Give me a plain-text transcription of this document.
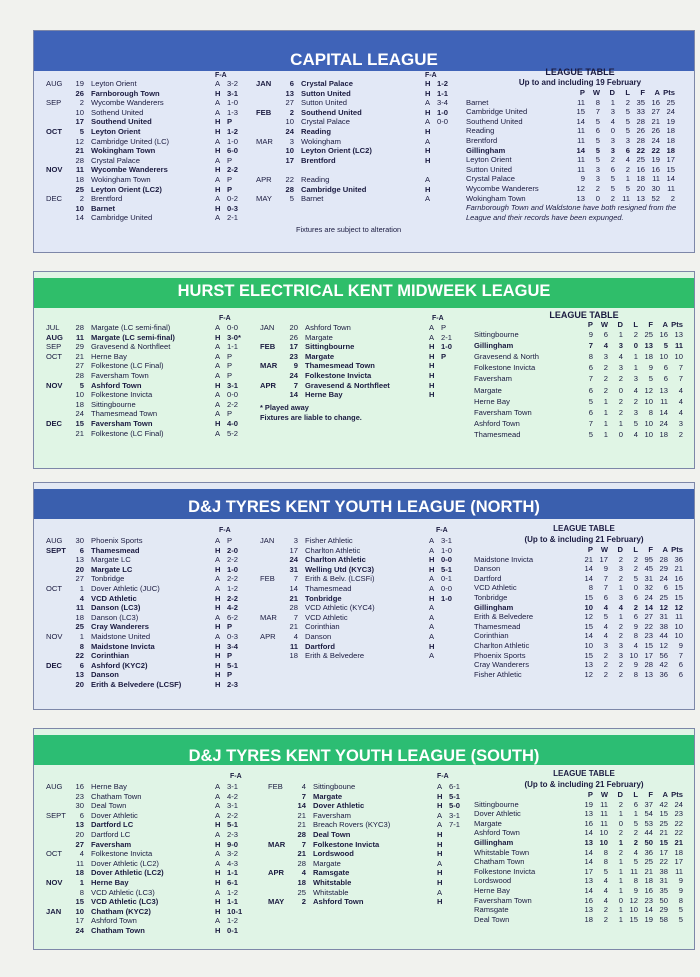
CAPITAL LEAGUE
F-A	F-A
AUG	19 Leyton Orient	A 3-2
26 Farnborough Town	H 3-1
SEP	2 Wycombe Wanderers	A 1-0
10 Sothend United	A 1-3
17 Southend United	H P
OCT	5 Leyton Orient	H 1-2
12 Cambridge United (LC)	A 1-0
21 Wokingham Town	H 6-0
28 Crystal Palace	A P
NOV	11 Wycombe Wanderers	H 2-2
18 Wokingham Town	A P
25 Leyton Orient (LC2)	H P
DEC	2 Brentford	A 0-2
10 Barnet	H 0-3
14 Cambridge United	A 2-1
JAN	6 Crystal Palace	H 1-2
13 Sutton United	H 1-1
27 Sutton United	A 3-4
FEB	2 Southend United	H 1-0
10 Crystal Palace	A 0-0
24 Reading	H
MAR	3 Wokingham	A
10 Leyton Orient (LC2)	H
17 Brentford	H
APR	22 Reading	A
28 Cambridge United	H
MAY	5 Barnet	A
Fixtures are subject to alteration
LEAGUE TABLE
Up to and including 19 February
P	W	D	L	F	A Pts
Barnet	11	8	1	2 35 16 25
Cambridge United	15	7	3	5 33 27 24
Southend United	14	5	4	5 28 21 19
Reading	11	6	0	5 26 26 18
Brentford	11	5	3	3 28 24 18
Gillingham	14	5	3	6 22 22 18
Leyton Orient	11	5	2	4 25 19 17
Sutton United	11	3	6	2 16 16 15
Crystal Palace	9	3	5	1 18 11 14
Wycombe Wanderers	12	2	5	5 20 30 11
Wokingham Town	13	0	2 11 13 52	2
Farnborough Town and Waldstone have both resigned from the League and their records have been expunged.
HURST ELECTRICAL KENT MIDWEEK LEAGUE
F-A	F-A
JUL	28 Margate (LC semi-final)	A 0-0
AUG	11 Margate (LC semi-final)	H 3-0*
SEP	29 Gravesend & Northfleet	A 1-1
OCT	21 Herne Bay	A P
27 Folkestone (LC Final)	A P
28 Faversham Town	A P
NOV	5 Ashford Town	H 3-1
10 Folkestone Invicta	A 0-0
18 Sittingbourne	A 2-2
24 Thamesmead Town	A P
DEC	15 Faversham Town	H 4-0
21 Folkestone (LC Final)	A 5-2
JAN	20 Ashford Town	A P
26 Margate	A 2-1
FEB	17 Sittingbourne	H 1-0
23 Margate	H P
MAR	9 Thamesmead Town	H
24 Folkestone Invicta	H
APR	7 Gravesend & Northfleet	H
14 Herne Bay	H
* Played away
Fixtures are liable to change.
LEAGUE TABLE
P	W	D	L	F	A Pts
Sittingbourne	9	6	1	2 25 16 13
Gillingham	7	4	3	0 13	5 11
Gravesend & North	8	3	4	1 18 10 10
Folkestone Invicta	6	2	3	1	9	6	7
Faversham	7	2	2	3	5	6	7
Margate	6	2	0	4 12 13	4
Herne Bay	5	1	2	2 10 11	4
Faversham Town	6	1	2	3	8 14	4
Ashford Town	7	1	1	5 10 24	3
Thamesmead	5	1	0	4 10 18	2
D&J TYRES KENT YOUTH LEAGUE (NORTH)
F-A	F-A
AUG	30 Phoenix Sports	A P
SEPT	6 Thamesmead	H 2-0
13 Margate LC	A 2-2
20 Margate LC	H 1-0
27 Tonbridge	A 2-2
OCT	1 Dover Athletic (JUC)	A 1-2
4 VCD Athletic	H 2-2
11 Danson (LC3)	H 4-2
18 Danson (LC3)	A 6-2
25 Cray Wanderers	H P
NOV	1 Maidstone United	A 0-3
8 Maidstone Invicta	H 3-4
22 Corinthian	H P
DEC	6 Ashford (KYC2)	H 5-1
13 Danson	H P
20 Erith & Belvedere (LCSF)	H 2-3
JAN	3 Fisher Athletic	A 3-1
17 Charlton Athletic	A 1-0
24 Charlton Athletic	H 0-0
31 Welling Utd (KYC3)	H 5-1
FEB	7 Erith & Belv. (LCSFi)	A 0-1
14 Thamesmead	A 0-0
21 Tonbridge	H 1-0
28 VCD Athletic (KYC4)	A
MAR	7 VCD Athletic	A
21 Corinthian	A
APR	4 Danson	A
11 Dartford	H
18 Erith & Belvedere	A
LEAGUE TABLE
(Up to & including 21 February)
P	W	D	L	F	A Pts
Maidstone Invicta	21 17	2	2 95 28 36
Danson	14	9	3	2 45 29 21
Dartford	14	7	2	5 31 24 16
VCD Athletic	8	7	1	0 32	6 15
Tonbridge	15	6	3	6 24 25 15
Gillingham	10	4	4	2 14 12 12
Erith & Belvedere	12	5	1	6 27 31 11
Thamesmead	15	4	2	9 22 38 10
Corinthian	14	4	2	8 23 44 10
Charlton Athletic	10	3	3	4 15 12	9
Phoenix Sports	15	2	3 10 17 56	7
Cray Wanderers	13	2	2	9 28 42	6
Fisher Athletic	12	2	2	8 13 36	6
D&J TYRES KENT YOUTH LEAGUE (SOUTH)
F-A	F-A
AUG	16 Herne Bay	A 3-1
23 Chatham Town	A 4-2
30 Deal Town	A 3-1
SEPT	6 Dover Athletic	A 2-2
13 Dartford LC	H 5-1
20 Dartford LC	A 2-3
27 Faversham	H 9-0
OCT	4 Folkestone Invicta	A 3-2
11 Dover Athletic (LC2)	A 4-3
18 Dover Athletic (LC2)	H 1-1
NOV	1 Herne Bay	H 6-1
8 VCD Athletic (LC3)	A 1-2
15 VCD Athletic (LC3)	H 1-1
JAN	10 Chatham (KYC2)	H 10-1
17 Ashford Town	A 1-2
24 Chatham Town	H 0-1
FEB	4 Sittingboune	A 6-1
7 Margate	H 5-1
14 Dover Athletic	H 5-0
21 Faversham	A 3-1
21 Breach Rovers (KYC3)	A 7-1
28 Deal Town	H
MAR	7 Folkestone Invicta	H
21 Lordswood	H
28 Margate	A
APR	4 Ramsgate	H
18 Whitstable	H
25 Whitstable	A
MAY	2 Ashford Town	H
LEAGUE TABLE
(Up to & including 21 February)
P	W	D	L	F	A Pts
Sittingbourne	19 11	2	6 37 42 24
Dover Athletic	13 11	1	1 54 15 23
Margate	16 11	0	5 53 25 22
Ashford Town	14 10	2	2 44 21 22
Gillingham	13 10	1	2 50 15 21
Whitstable Town	14	8	2	4 36 17 18
Chatham Town	14	8	1	5 25 22 17
Folkestone Invicta	17	5	1 11 21 38 11
Lordswood	13	4	1	8 18 31	9
Herne Bay	14	4	1	9 16 35	9
Faversham Town	16	4	0 12 23 50	8
Ramsgate	13	2	1 10 14 29	5
Deal Town	18	2	1 15 19 58	5
